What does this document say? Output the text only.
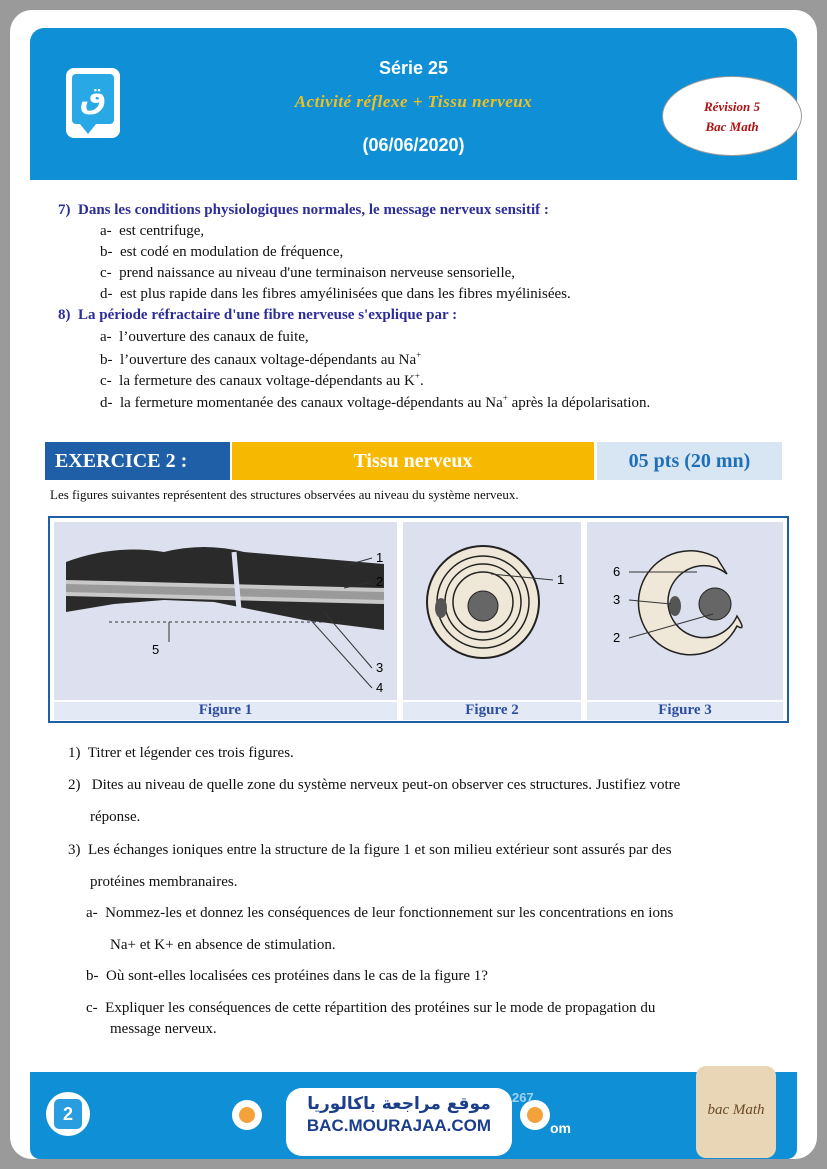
ق
Série 25
Activité réflexe + Tissu nerveux
(06/06/2020)
Révision 5
Bac Math
7) Dans les conditions physiologiques normales, le message nerveux sensitif :
a- est centrifuge,
b- est codé en modulation de fréquence,
c- prend naissance au niveau d'une terminaison nerveuse sensorielle,
d- est plus rapide dans les fibres amyélinisées que dans les fibres myélinisées.
8) La période réfractaire d'une fibre nerveuse s'explique par :
a- l’ouverture des canaux de fuite,
b- l’ouverture des canaux voltage-dépendants au Na+
c- la fermeture des canaux voltage-dépendants au K+.
d- la fermeture momentanée des canaux voltage-dépendants au Na+ après la dépolarisation.
EXERCICE 2 :	Tissu nerveux	05 pts (20 mn)
Les figures suivantes représentent des structures observées au niveau du système nerveux.
5
1
2
3
4
1
6
3
2
Figure 1	Figure 2	Figure 3
1) Titrer et légender ces trois figures.
2) Dites au niveau de quelle zone du système nerveux peut-on observer ces structures. Justifiez votre
réponse.
3) Les échanges ioniques entre la structure de la figure 1 et son milieu extérieur sont assurés par des
protéines membranaires.
a- Nommez-les et donnez les conséquences de leur fonctionnement sur les concentrations en ions
Na+ et K+ en absence de stimulation.
b- Où sont-elles localisées ces protéines dans le cas de la figure 1?
c- Expliquer les conséquences de cette répartition des protéines sur le mode de propagation du
message nerveux.
2
267
om
موقع مراجعة باكالوريا
BAC.MOURAJAA.COM
bac Math
